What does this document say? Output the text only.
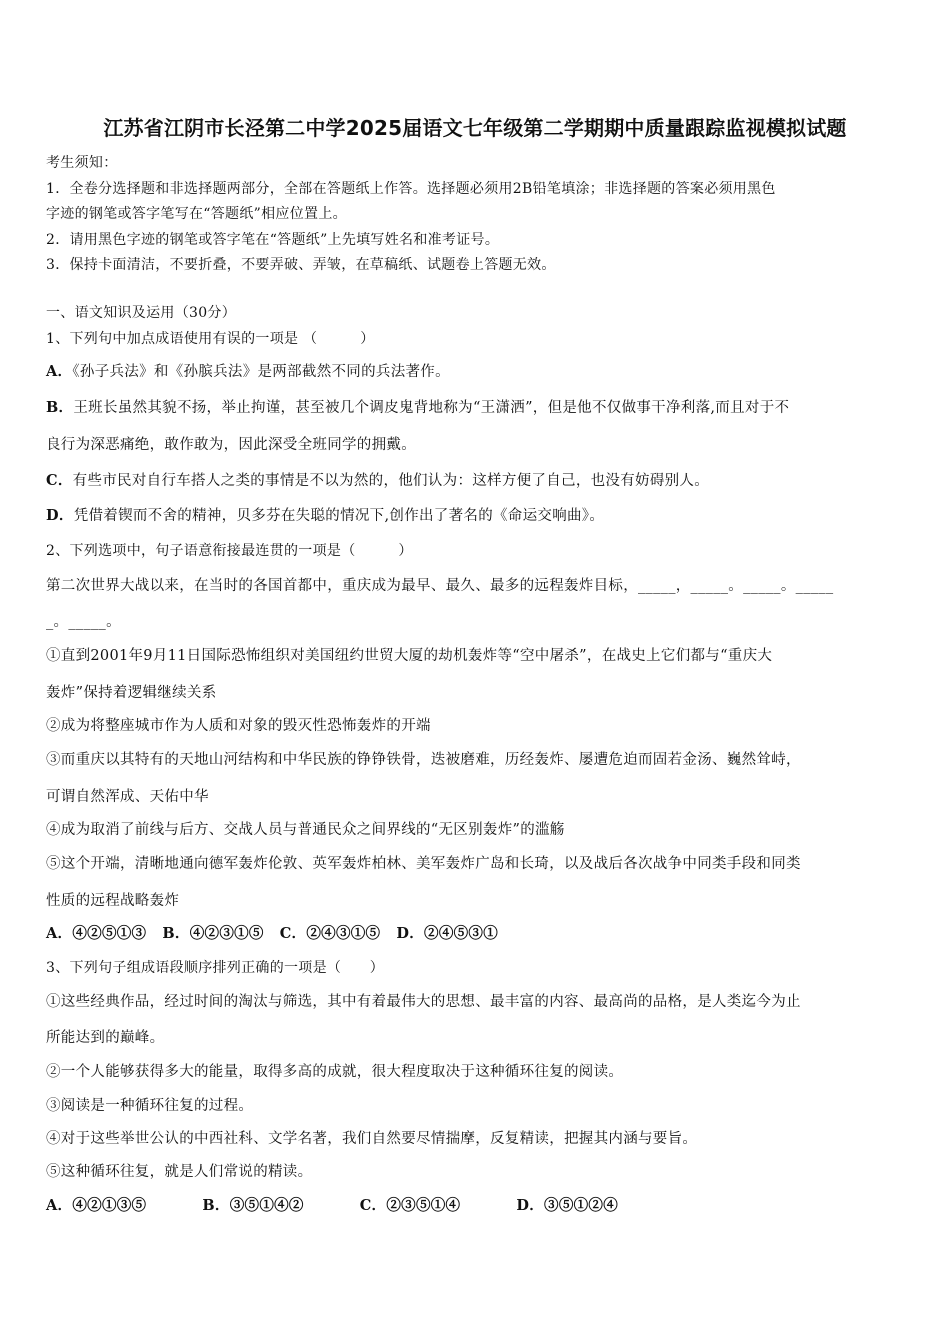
江苏省江阴市长泾第二中学2025届语文七年级第二学期期中质量跟踪监视模拟试题
考生须知：
1．全卷分选择题和非选择题两部分，全部在答题纸上作答。选择题必须用2B铅笔填涂；非选择题的答案必须用黑色
字迹的钢笔或答字笔写在“答题纸”相应位置上。
2．请用黑色字迹的钢笔或答字笔在“答题纸”上先填写姓名和准考证号。
3．保持卡面清洁，不要折叠，不要弄破、弄皱，在草稿纸、试题卷上答题无效。
一、语文知识及运用（30分）
1、下列句中加点成语使用有误的一项是 （　　　）
A．《孙子兵法》和《孙膑兵法》是两部截然不同的兵法著作。
B．王班长虽然其貌不扬，举止拘谨，甚至被几个调皮鬼背地称为“王潇洒”，但是他不仅做事干净利落,而且对于不
良行为深恶痛绝，敢作敢为，因此深受全班同学的拥戴。
C．有些市民对自行车搭人之类的事情是不以为然的，他们认为：这样方便了自己，也没有妨碍别人。
D．凭借着锲而不舍的精神，贝多芬在失聪的情况下,创作出了著名的《命运交响曲》。
2、下列选项中，句子语意衔接最连贯的一项是（　　　）
第二次世界大战以来，在当时的各国首都中，重庆成为最早、最久、最多的远程轰炸目标，_____，_____。_____。_____
_。_____。
①直到2001年9月11日国际恐怖组织对美国纽约世贸大厦的劫机轰炸等“空中屠杀”，在战史上它们都与“重庆大
轰炸”保持着逻辑继续关系
②成为将整座城市作为人质和对象的毁灭性恐怖轰炸的开端
③而重庆以其特有的天地山河结构和中华民族的铮铮铁骨，迭被磨难，历经轰炸、屡遭危迫而固若金汤、巍然耸峙，
可谓自然浑成、天佑中华
④成为取消了前线与后方、交战人员与普通民众之间界线的“无区别轰炸”的滥觞
⑤这个开端，清晰地通向德军轰炸伦敦、英军轰炸柏林、美军轰炸广岛和长琦，以及战后各次战争中同类手段和同类
性质的远程战略轰炸
A．④②⑤①③ B．④②③①⑤ C．②④③①⑤ D．②④⑤③①
3、下列句子组成语段顺序排列正确的一项是（　　）
①这些经典作品，经过时间的淘汰与筛选，其中有着最伟大的思想、最丰富的内容、最高尚的品格，是人类迄今为止
所能达到的巅峰。
②一个人能够获得多大的能量，取得多高的成就，很大程度取决于这种循环往复的阅读。
③阅读是一种循环往复的过程。
④对于这些举世公认的中西社科、文学名著，我们自然要尽情揣摩，反复精读，把握其内涵与要旨。
⑤这种循环往复，就是人们常说的精读。
A．④②①③⑤	B．③⑤①④②	C．②③⑤①④	D．③⑤①②④
